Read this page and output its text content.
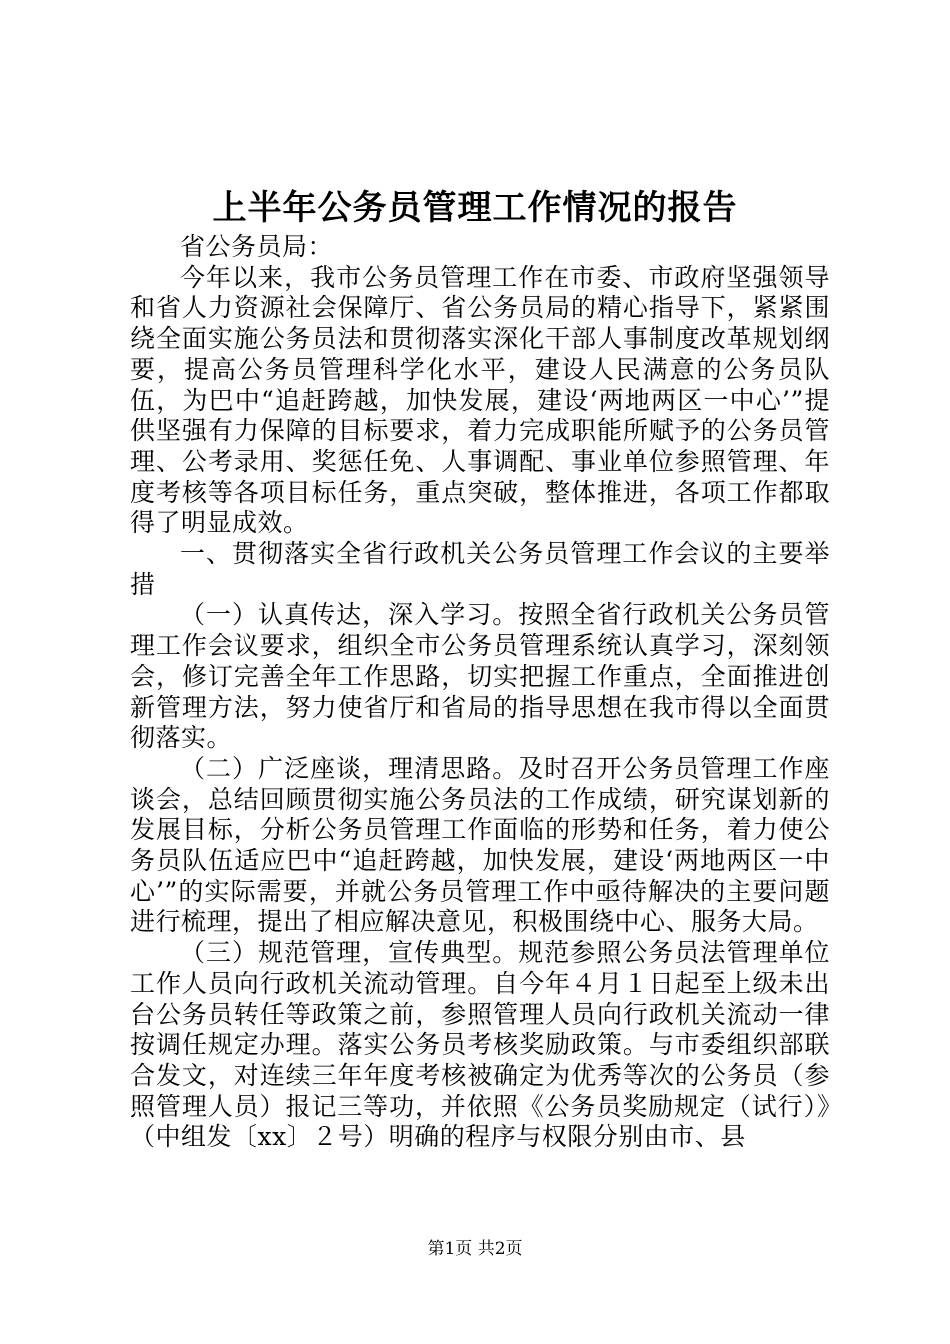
上半年公务员管理工作情况的报告

省公务员局：

今年以来，我市公务员管理工作在市委、市政府坚强领导和省人力资源社会保障厅、省公务员局的精心指导下，紧紧围绕全面实施公务员法和贯彻落实深化干部人事制度改革规划纲要，提高公务员管理科学化水平，建设人民满意的公务员队伍，为巴中“追赶跨越，加快发展，建设‘两地两区一中心’”提供坚强有力保障的目标要求，着力完成职能所赋予的公务员管理、公考录用、奖惩任免、人事调配、事业单位参照管理、年度考核等各项目标任务，重点突破，整体推进，各项工作都取得了明显成效。

一、贯彻落实全省行政机关公务员管理工作会议的主要举措

（一）认真传达，深入学习。按照全省行政机关公务员管理工作会议要求，组织全市公务员管理系统认真学习，深刻领会，修订完善全年工作思路，切实把握工作重点，全面推进创新管理方法，努力使省厅和省局的指导思想在我市得以全面贯彻落实。

（二）广泛座谈，理清思路。及时召开公务员管理工作座谈会，总结回顾贯彻实施公务员法的工作成绩，研究谋划新的发展目标，分析公务员管理工作面临的形势和任务，着力使公务员队伍适应巴中“追赶跨越，加快发展，建设‘两地两区一中心’”的实际需要，并就公务员管理工作中亟待解决的主要问题进行梳理，提出了相应解决意见，积极围绕中心、服务大局。

（三）规范管理，宣传典型。规范参照公务员法管理单位工作人员向行政机关流动管理。自今年４月１日起至上级未出台公务员转任等政策之前，参照管理人员向行政机关流动一律按调任规定办理。落实公务员考核奖励政策。与市委组织部联合发文，对连续三年年度考核被确定为优秀等次的公务员（参照管理人员）报记三等功，并依照《公务员奖励规定（试行）》（中组发〔xx〕２号）明确的程序与权限分别由市、县

第1页 共2页
